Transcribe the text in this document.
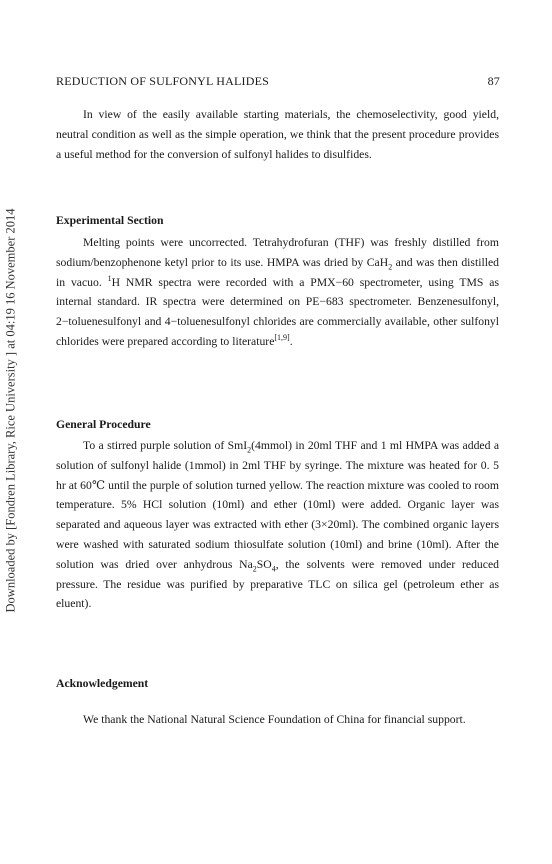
Downloaded by [Fondren Library, Rice University ] at 04:19 16 November 2014
REDUCTION OF SULFONYL HALIDES	87

In view of the easily available starting materials, the chemoselectivity, good yield, neutral condition as well as the simple operation, we think that the present procedure provides a useful method for the conversion of sulfonyl halides to disulfides.

Experimental Section

Melting points were uncorrected. Tetrahydrofuran (THF) was freshly distilled from sodium/benzophenone ketyl prior to its use. HMPA was dried by CaH$_2$ and was then distilled in vacuo. $^1$H NMR spectra were recorded with a PMX−60 spectrometer, using TMS as internal standard. IR spectra were determined on PE−683 spectrometer. Benzenesulfonyl, 2−toluenesulfonyl and 4−toluenesulfonyl chlorides are commercially available, other sulfonyl chlorides were prepared according to literature[1,9].

General Procedure

To a stirred purple solution of SmI$_2$(4mmol) in 20ml THF and 1 ml HMPA was added a solution of sulfonyl halide (1mmol) in 2ml THF by syringe. The mixture was heated for 0. 5 hr at 60℃ until the purple of solution turned yellow. The reaction mixture was cooled to room temperature. 5% HCl solution (10ml) and ether (10ml) were added. Organic layer was separated and aqueous layer was extracted with ether (3×20ml). The combined organic layers were washed with saturated sodium thiosulfate solution (10ml) and brine (10ml). After the solution was dried over anhydrous $Na_2SO_4$, the solvents were removed under reduced pressure. The residue was purified by preparative TLC on silica gel (petroleum ether as eluent).

Acknowledgement

We thank the National Natural Science Foundation of China for financial support.
